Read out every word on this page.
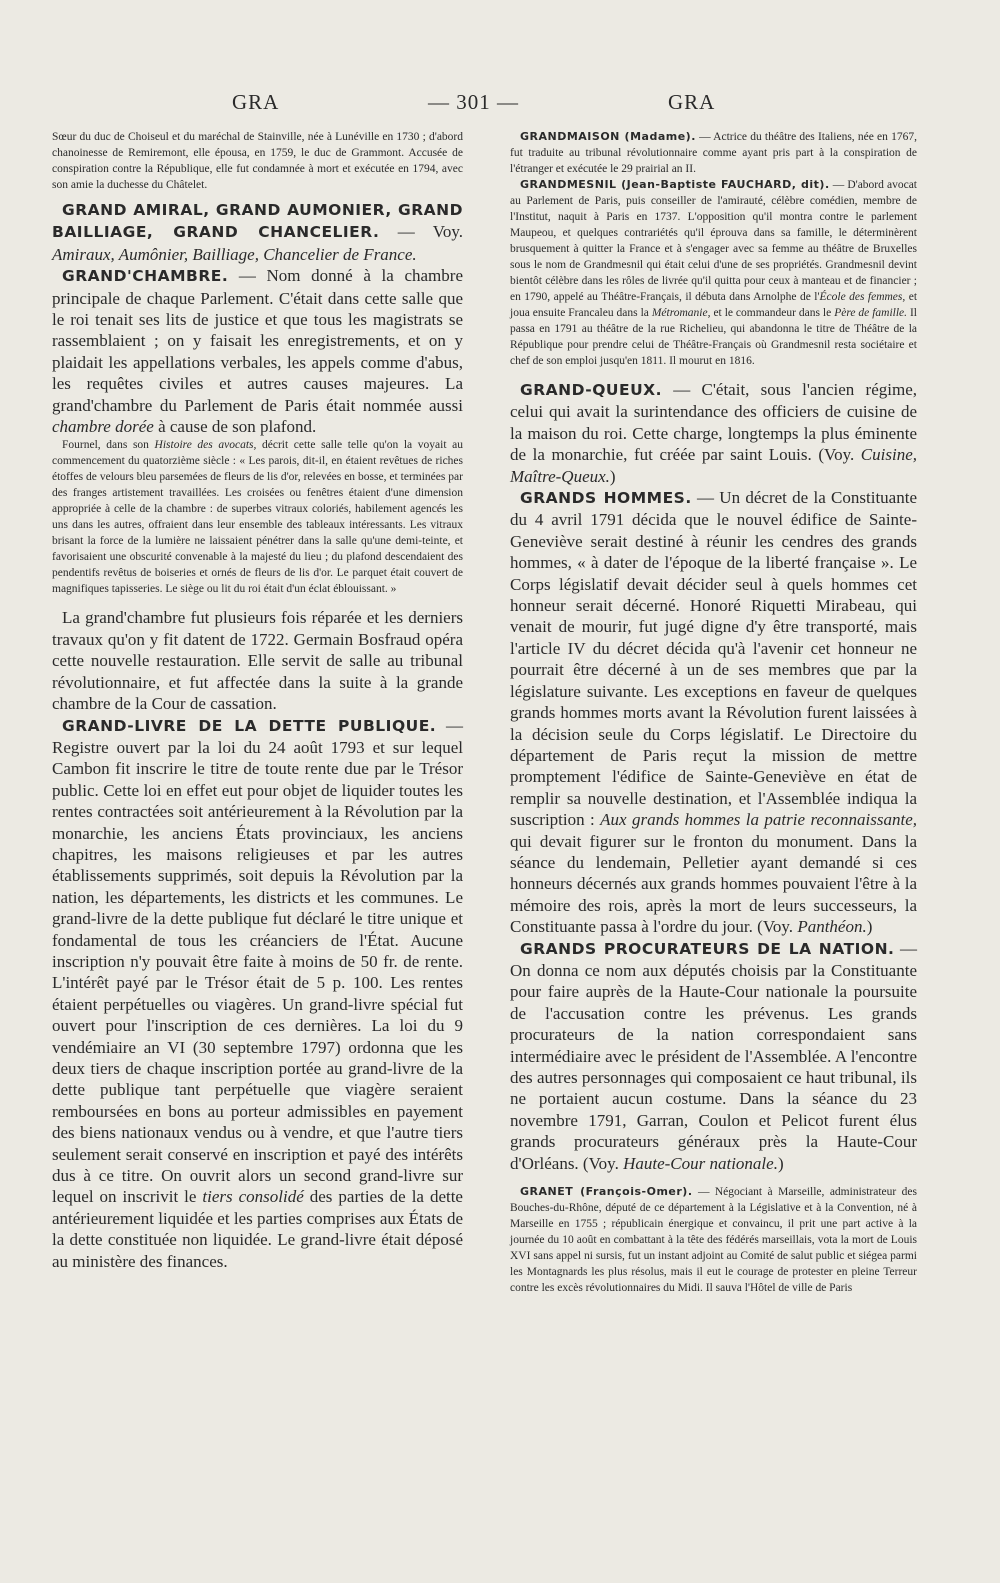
GRA	— 301 —	GRA

Sœur du duc de Choiseul et du maréchal de Stainville, née à Lunéville en 1730 ; d'abord chanoinesse de Remiremont, elle épousa, en 1759, le duc de Grammont. Accusée de conspiration contre la République, elle fut condamnée à mort et exécutée en 1794, avec son amie la duchesse du Châtelet.

GRAND AMIRAL, GRAND AUMONIER, GRAND BAILLIAGE, GRAND CHANCELIER. — Voy. Amiraux, Aumônier, Bailliage, Chancelier de France.

GRAND'CHAMBRE. — Nom donné à la chambre principale de chaque Parlement. C'était dans cette salle que le roi tenait ses lits de justice et que tous les magistrats se rassemblaient ; on y faisait les enregistrements, et on y plaidait les appellations verbales, les appels comme d'abus, les requêtes civiles et autres causes majeures. La grand'chambre du Parlement de Paris était nommée aussi chambre dorée à cause de son plafond.

Fournel, dans son Histoire des avocats, décrit cette salle telle qu'on la voyait au commencement du quatorzième siècle : « Les parois, dit-il, en étaient revêtues de riches étoffes de velours bleu parsemées de fleurs de lis d'or, relevées en bosse, et terminées par des franges artistement travaillées. Les croisées ou fenêtres étaient d'une dimension appropriée à celle de la chambre : de superbes vitraux coloriés, habilement agencés les uns dans les autres, offraient dans leur ensemble des tableaux intéressants. Les vitraux brisant la force de la lumière ne laissaient pénétrer dans la salle qu'une demi-teinte, et favorisaient une obscurité convenable à la majesté du lieu ; du plafond descendaient des pendentifs revêtus de boiseries et ornés de fleurs de lis d'or. Le parquet était couvert de magnifiques tapisseries. Le siège ou lit du roi était d'un éclat éblouissant. »

La grand'chambre fut plusieurs fois réparée et les derniers travaux qu'on y fit datent de 1722. Germain Bosfraud opéra cette nouvelle restauration. Elle servit de salle au tribunal révolutionnaire, et fut affectée dans la suite à la grande chambre de la Cour de cassation.

GRAND-LIVRE DE LA DETTE PUBLIQUE. — Registre ouvert par la loi du 24 août 1793 et sur lequel Cambon fit inscrire le titre de toute rente due par le Trésor public. Cette loi en effet eut pour objet de liquider toutes les rentes contractées soit antérieurement à la Révolution par la monarchie, les anciens États provinciaux, les anciens chapitres, les maisons religieuses et par les autres établissements supprimés, soit depuis la Révolution par la nation, les départements, les districts et les communes. Le grand-livre de la dette publique fut déclaré le titre unique et fondamental de tous les créanciers de l'État. Aucune inscription n'y pouvait être faite à moins de 50 fr. de rente. L'intérêt payé par le Trésor était de 5 p. 100. Les rentes étaient perpétuelles ou viagères. Un grand-livre spécial fut ouvert pour l'inscription de ces dernières. La loi du 9 vendémiaire an VI (30 septembre 1797) ordonna que les deux tiers de chaque inscription portée au grand-livre de la dette publique tant perpétuelle que viagère seraient remboursées en bons au porteur admissibles en payement des biens nationaux vendus ou à vendre, et que l'autre tiers seulement serait conservé en inscription et payé des intérêts dus à ce titre. On ouvrit alors un second grand-livre sur lequel on inscrivit le tiers consolidé des parties de la dette antérieurement liquidée et les parties comprises aux États de la dette constituée non liquidée. Le grand-livre était déposé au ministère des finances.

GRANDMAISON (Madame). — Actrice du théâtre des Italiens, née en 1767, fut traduite au tribunal révolutionnaire comme ayant pris part à la conspiration de l'étranger et exécutée le 29 prairial an II.

GRANDMESNIL (Jean-Baptiste FAUCHARD, dit). — D'abord avocat au Parlement de Paris, puis conseiller de l'amirauté, célèbre comédien, membre de l'Institut, naquit à Paris en 1737. L'opposition qu'il montra contre le parlement Maupeou, et quelques contrariétés qu'il éprouva dans sa famille, le déterminèrent brusquement à quitter la France et à s'engager avec sa femme au théâtre de Bruxelles sous le nom de Grandmesnil qui était celui d'une de ses propriétés. Grandmesnil devint bientôt célèbre dans les rôles de livrée qu'il quitta pour ceux à manteau et de financier ; en 1790, appelé au Théâtre-Français, il débuta dans Arnolphe de l'École des femmes, et joua ensuite Francaleu dans la Métromanie, et le commandeur dans le Père de famille. Il passa en 1791 au théâtre de la rue Richelieu, qui abandonna le titre de Théâtre de la République pour prendre celui de Théâtre-Français où Grandmesnil resta sociétaire et chef de son emploi jusqu'en 1811. Il mourut en 1816.

GRAND-QUEUX. — C'était, sous l'ancien régime, celui qui avait la surintendance des officiers de cuisine de la maison du roi. Cette charge, longtemps la plus éminente de la monarchie, fut créée par saint Louis. (Voy. Cuisine, Maître-Queux.)

GRANDS HOMMES. — Un décret de la Constituante du 4 avril 1791 décida que le nouvel édifice de Sainte-Geneviève serait destiné à réunir les cendres des grands hommes, « à dater de l'époque de la liberté française ». Le Corps législatif devait décider seul à quels hommes cet honneur serait décerné. Honoré Riquetti Mirabeau, qui venait de mourir, fut jugé digne d'y être transporté, mais l'article IV du décret décida qu'à l'avenir cet honneur ne pourrait être décerné à un de ses membres que par la législature suivante. Les exceptions en faveur de quelques grands hommes morts avant la Révolution furent laissées à la décision seule du Corps législatif. Le Directoire du département de Paris reçut la mission de mettre promptement l'édifice de Sainte-Geneviève en état de remplir sa nouvelle destination, et l'Assemblée indiqua la suscription : Aux grands hommes la patrie reconnaissante, qui devait figurer sur le fronton du monument. Dans la séance du lendemain, Pelletier ayant demandé si ces honneurs décernés aux grands hommes pouvaient l'être à la mémoire des rois, après la mort de leurs successeurs, la Constituante passa à l'ordre du jour. (Voy. Panthéon.)

GRANDS PROCURATEURS DE LA NATION. — On donna ce nom aux députés choisis par la Constituante pour faire auprès de la Haute-Cour nationale la poursuite de l'accusation contre les prévenus. Les grands procurateurs de la nation correspondaient sans intermédiaire avec le président de l'Assemblée. A l'encontre des autres personnages qui composaient ce haut tribunal, ils ne portaient aucun costume. Dans la séance du 23 novembre 1791, Garran, Coulon et Pelicot furent élus grands procurateurs généraux près la Haute-Cour d'Orléans. (Voy. Haute-Cour nationale.)

GRANET (François-Omer). — Négociant à Marseille, administrateur des Bouches-du-Rhône, député de ce département à la Législative et à la Convention, né à Marseille en 1755 ; républicain énergique et convaincu, il prit une part active à la journée du 10 août en combattant à la tête des fédérés marseillais, vota la mort de Louis XVI sans appel ni sursis, fut un instant adjoint au Comité de salut public et siégea parmi les Montagnards les plus résolus, mais il eut le courage de protester en pleine Terreur contre les excès révolutionnaires du Midi. Il sauva l'Hôtel de ville de Paris
